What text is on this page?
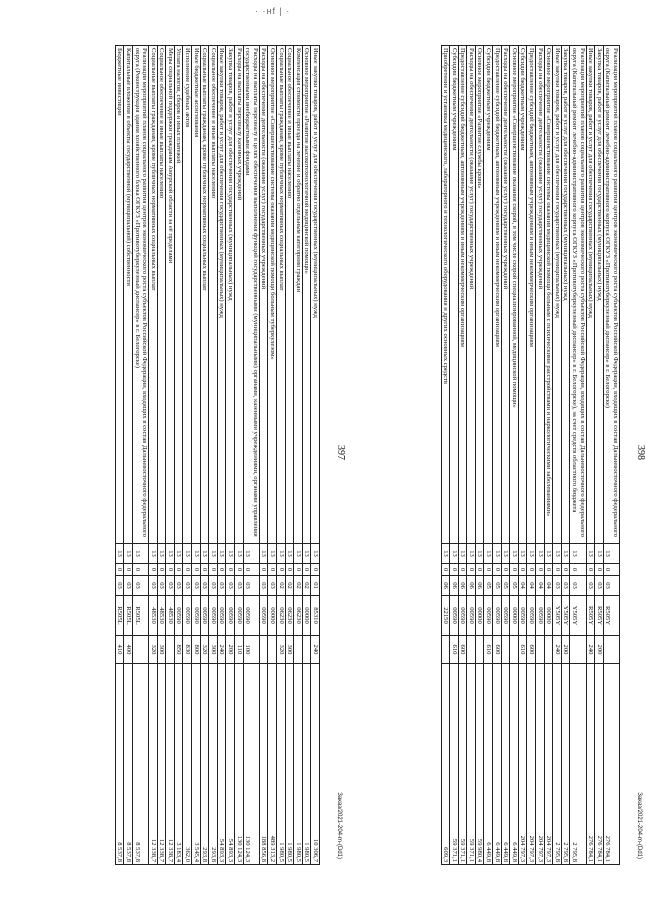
· ·нf | ·
397
Заказ/2021-204-m-(Dd1)
Иные закупки товаров, работ и услуг для обеспечения государственных (муниципальных) нужд	13	0	01	85310	240	10 306,7
Основное мероприятие «Развитие высокотехнологичной медицинской помощи»	13	0	02	00000		1 980,5
Компенсация стоимости проезда на лечение и обратно отдельным категориям граждан	13	0	02	06230		1 980,5
Социальное обеспечение и иные выплаты населению	13	0	02	06230	300	1 980,5
Социальные выплаты гражданам, кроме публичных нормативных социальных выплат	13	0	02	06230	320	1 980,5
Основное мероприятие «Совершенствование системы оказания медицинской помощи больным туберкулезом»	13	0	03	00000		489 313,2
Расходы на обеспечение деятельности (оказание услуг) государственных учреждений	13	0	03	00590		188 856,8
Расходы на выплаты персоналу в целях обеспечения выполнения функций государственными (муниципальными) органами, казенными учреждениями, органами управления государственными внебюджетными фондами	13	0	03	00590	100	130 124,3
Расходы на выплаты персоналу казенных учреждений	13	0	03	00590	110	130 124,3
Закупка товаров, работ и услуг для обеспечения государственных (муниципальных) нужд	13	0	03	00590	200	54 893,3
Иные закупки товаров, работ и услуг для обеспечения государственных (муниципальных) нужд	13	0	03	00590	240	54 893,3
Социальное обеспечение и иные выплаты населению	13	0	03	00590	300	293,8
Социальные выплаты гражданам, кроме публичных нормативных социальных выплат	13	0	03	00590	320	293,8
Иные бюджетные ассигнования	13	0	03	00590	800	3 545,4
Исполнение судебных актов	13	0	03	00590	830	362,0
Уплата налогов, сборов и иных платежей	13	0	03	00590	850	3 183,4
Меры социальной поддержки гражданам Амурской области за её пределами	13	0	03	48530		12 338,7
Социальное обеспечение и иные выплаты населению	13	0	03	48530	300	12 338,7
Социальные выплаты гражданам, кроме публичных нормативных социальных выплат	13	0	03	48530	320	12 338,7
Реализация мероприятий планов социального развития центров экономического роста субъектов Российской Федерации, входящих в состав Дальневосточного федерального округа (Реконструкция здания хозяйственного блока ОГКУЗ «Противотуберкулезный диспансер» в г. Белогорске)	13	0	03	R505L		8 537,8
Капитальные вложения в объекты государственной (муниципальной) собственности	13	0	03	R505L	400	8 537,8
Бюджетные инвестиции	13	0	03	R505L	410	8 537,8
398
Заказ/2021-204-m-(Dd1)
Реализация мероприятий планов социального развития центров экономического роста субъектов Российской Федерации, входящих в состав Дальневосточного федерального округа (Капитальный ремонт лечебно-административного корпуса ОГКУЗ «Противотуберкулезный диспансер» в г. Белогорске)	13	0	03	R505Y		276 784,1
Закупка товаров, работ и услуг для обеспечения государственных (муниципальных) нужд	13	0	03	R505Y	200	276 784,1
Иные закупки товаров, работ и услуг для обеспечения государственных (муниципальных) нужд	13	0	03	R505Y	240	276 784,1
Реализация мероприятий планов социального развития центров экономического роста субъектов Российской Федерации, входящих в состав Дальневосточного федерального округа (Капитальный ремонт лечебно-административного корпуса ОГКУЗ «Противотуберкулезный диспансер» в г. Белогорске), за счет средств областного бюджета	13	0	03	Y505Y		2 795,8
Закупка товаров, работ и услуг для обеспечения государственных (муниципальных) нужд	13	0	03	Y505Y	200	2 795,8
Иные закупки товаров, работ и услуг для обеспечения государственных (муниципальных) нужд	13	0	03	Y505Y	240	2 795,8
Основное мероприятие «Совершенствование системы оказания медицинской помощи больным с психическими расстройствами и наркологическими заболеваниями»	13	0	04	00000		204 797,3
Расходы на обеспечение деятельности (оказание услуг) государственных учреждений	13	0	04	00590		204 797,3
Предоставление субсидий бюджетным, автономным учреждениям и иным некоммерческим организациям	13	0	04	00590	600	204 797,3
Субсидии бюджетным учреждениям	13	0	04	00590	610	204 797,3
Основное мероприятие «Совершенствование оказания скорой, в том числе скорой специализированной, медицинской помощи»	13	0	05	00000		6 449,8
Расходы на обеспечение деятельности (оказание услуг) государственных учреждений	13	0	05	00590		6 449,8
Предоставление субсидий бюджетным, автономным учреждениям и иным некоммерческим организациям	13	0	05	00590	600	6 449,8
Субсидии бюджетным учреждениям	13	0	05	00590	610	6 449,8
Основное мероприятие «Развитие службы крови»	13	0	06	00000		59 980,4
Расходы на обеспечение деятельности (оказание услуг) государственных учреждений	13	0	06	00590		59 371,1
Предоставление субсидий бюджетным, автономным учреждениям и иным некоммерческим организациям	13	0	06	00590	600	59 371,1
Субсидии бюджетным учреждениям	13	0	06	00590	610	59 371,1
Приобретение и установка медицинского, лабораторного и технологического оборудования и других основных средств	13	0	06	22150		609,3
